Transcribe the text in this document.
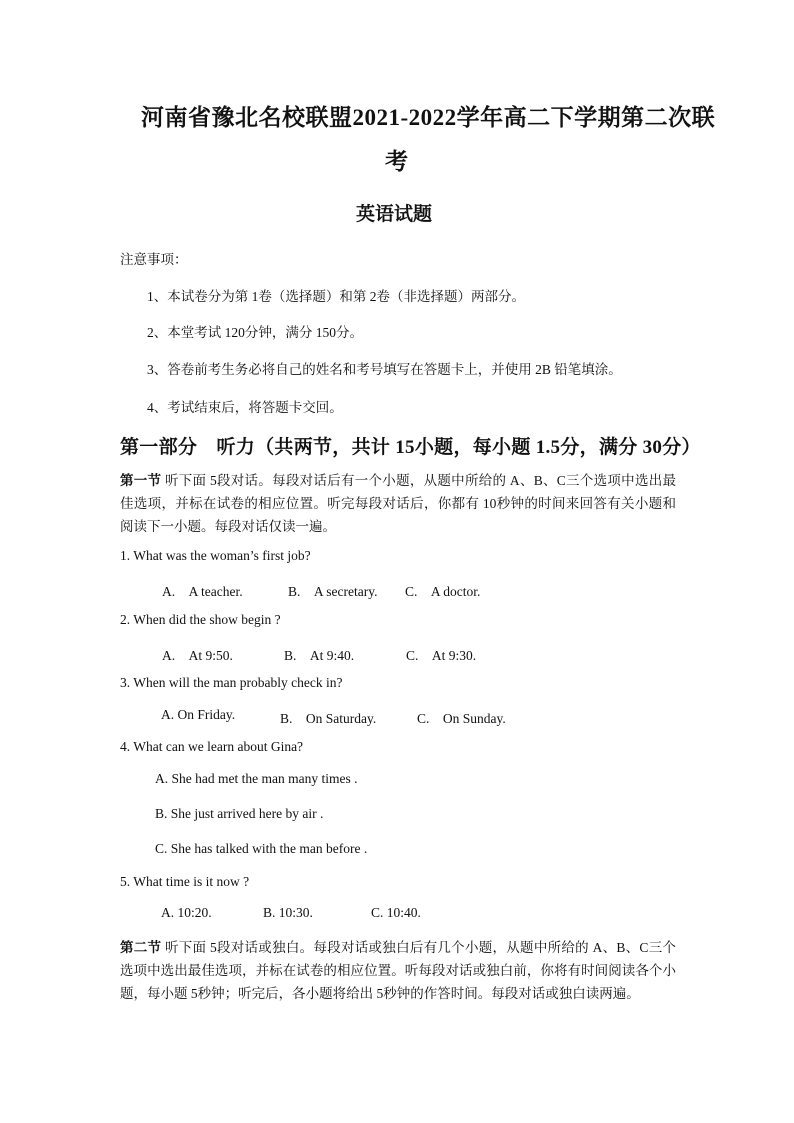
河南省豫北名校联盟2021-2022学年高二下学期第二次联
考
英语试题
注意事项：
1、本试卷分为第 1卷（选择题）和第 2卷（非选择题）两部分。
2、本堂考试 120分钟，满分 150分。
3、答卷前考生务必将自己的姓名和考号填写在答题卡上，并使用 2B 铅笔填涂。
4、考试结束后，将答题卡交回。
第一部分　听力（共两节，共计 15小题，每小题 1.5分，满分 30分）
第一节 听下面 5段对话。每段对话后有一个小题，从题中所给的 A、B、C三个选项中选出最佳选项，并标在试卷的相应位置。听完每段对话后，你都有 10秒钟的时间来回答有关小题和阅读下一小题。每段对话仅读一遍。
1. What was the woman’s first job?
A.　A teacher.	B.　A secretary. C.　A doctor.
2. When did the show begin ?
A.　At 9:50.	B.　At 9:40.	C.　At 9:30.
3. When will the man probably check in?
A. On Friday.	B.　On Saturday.	C.　On Sunday.
4. What can we learn about Gina?
A. She had met the man many times .
B. She just arrived here by air .
C. She has talked with the man before .
5. What time is it now ?
A. 10:20.	B. 10:30.	C. 10:40.
第二节 听下面 5段对话或独白。每段对话或独白后有几个小题，从题中所给的 A、B、C三个选项中选出最佳选项，并标在试卷的相应位置。听每段对话或独白前，你将有时间阅读各个小题，每小题 5秒钟；听完后，各小题将给出 5秒钟的作答时间。每段对话或独白读两遍。
